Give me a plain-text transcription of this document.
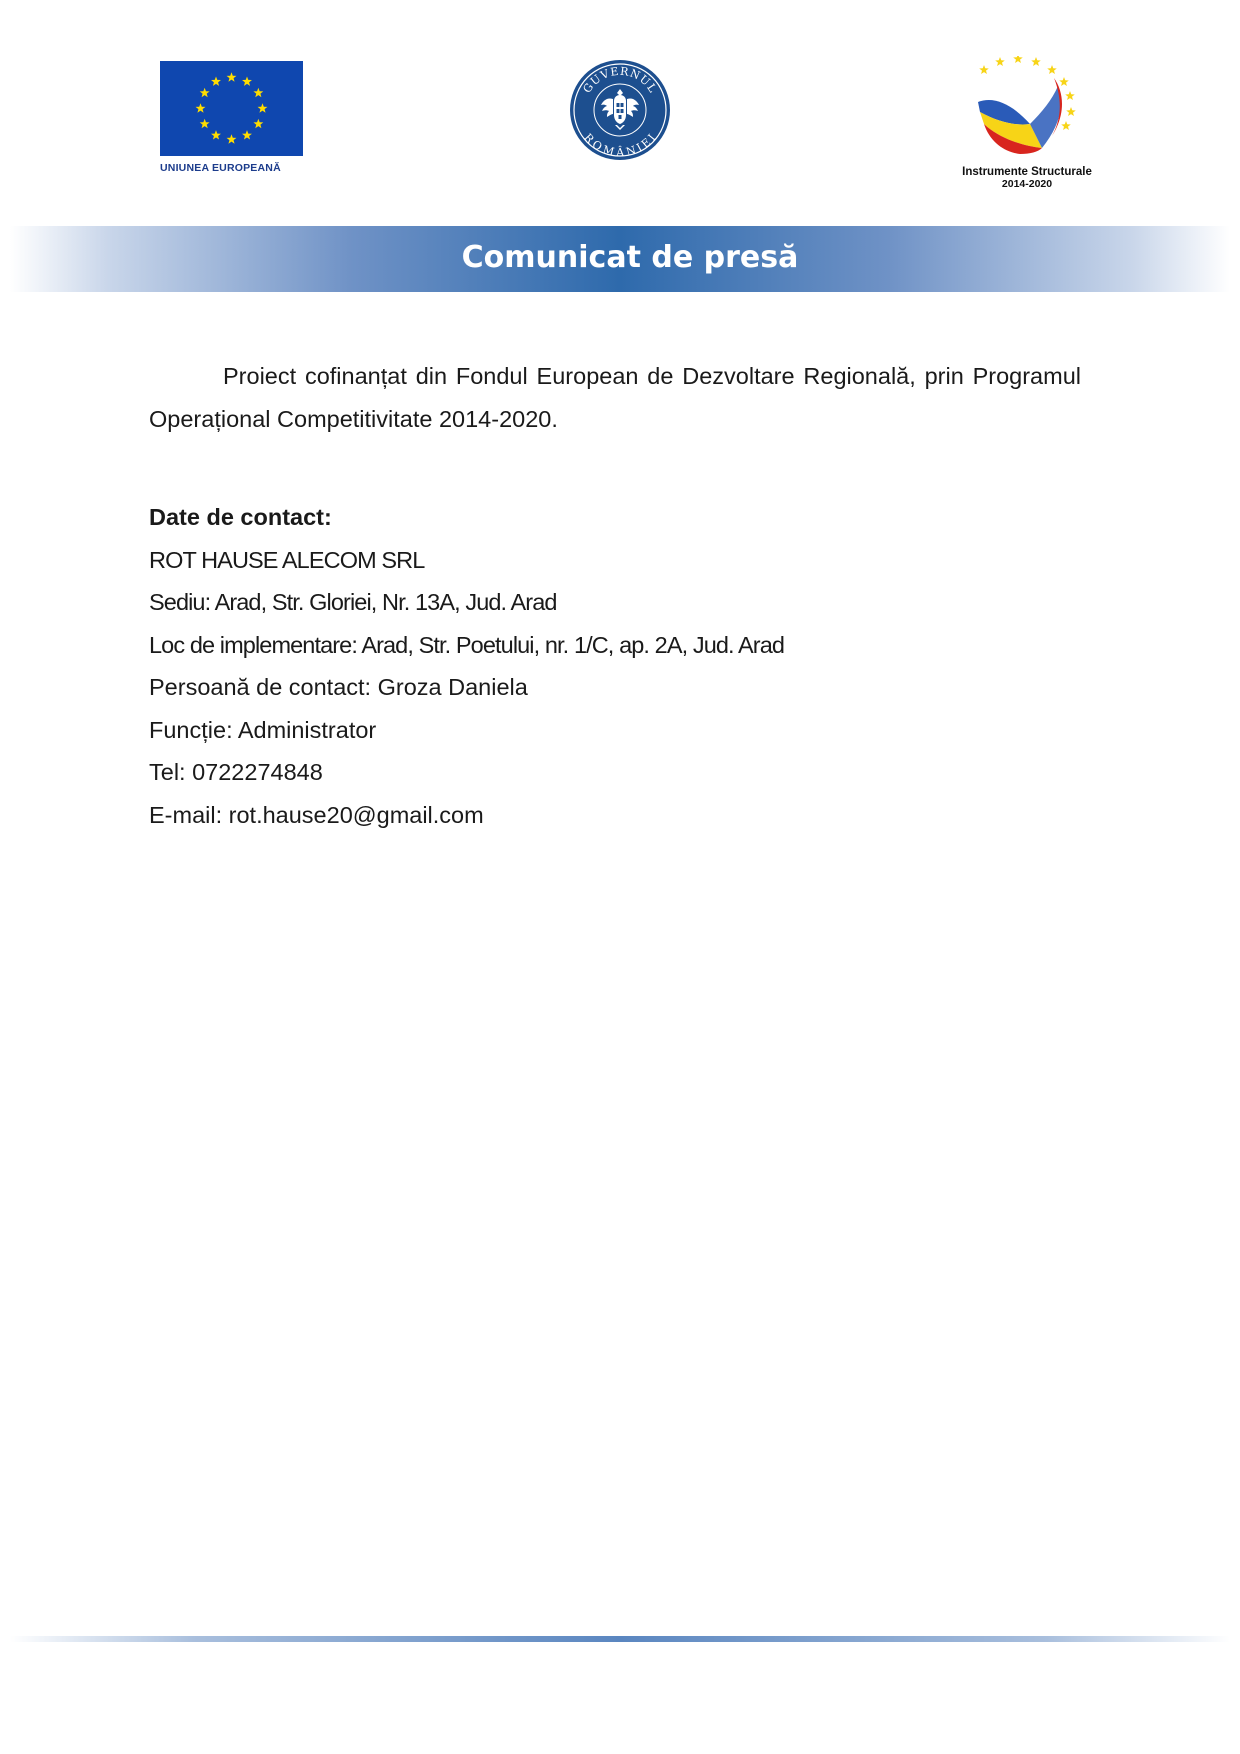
UNIUNEA EUROPEANĂ
GUVERNUL
ROMÂNIEI
Instrumente Structurale
2014-2020
Comunicat de presă

Proiect cofinanțat din Fondul European de Dezvoltare Regională, prin Programul Operațional Competitivitate 2014-2020.

Date de contact:
ROT HAUSE ALECOM SRL
Sediu: Arad, Str. Gloriei, Nr. 13A, Jud. Arad
Loc de implementare: Arad, Str. Poetului, nr. 1/C, ap. 2A, Jud. Arad
Persoană de contact: Groza Daniela
Funcție: Administrator
Tel: 0722274848
E-mail: rot.hause20@gmail.com
